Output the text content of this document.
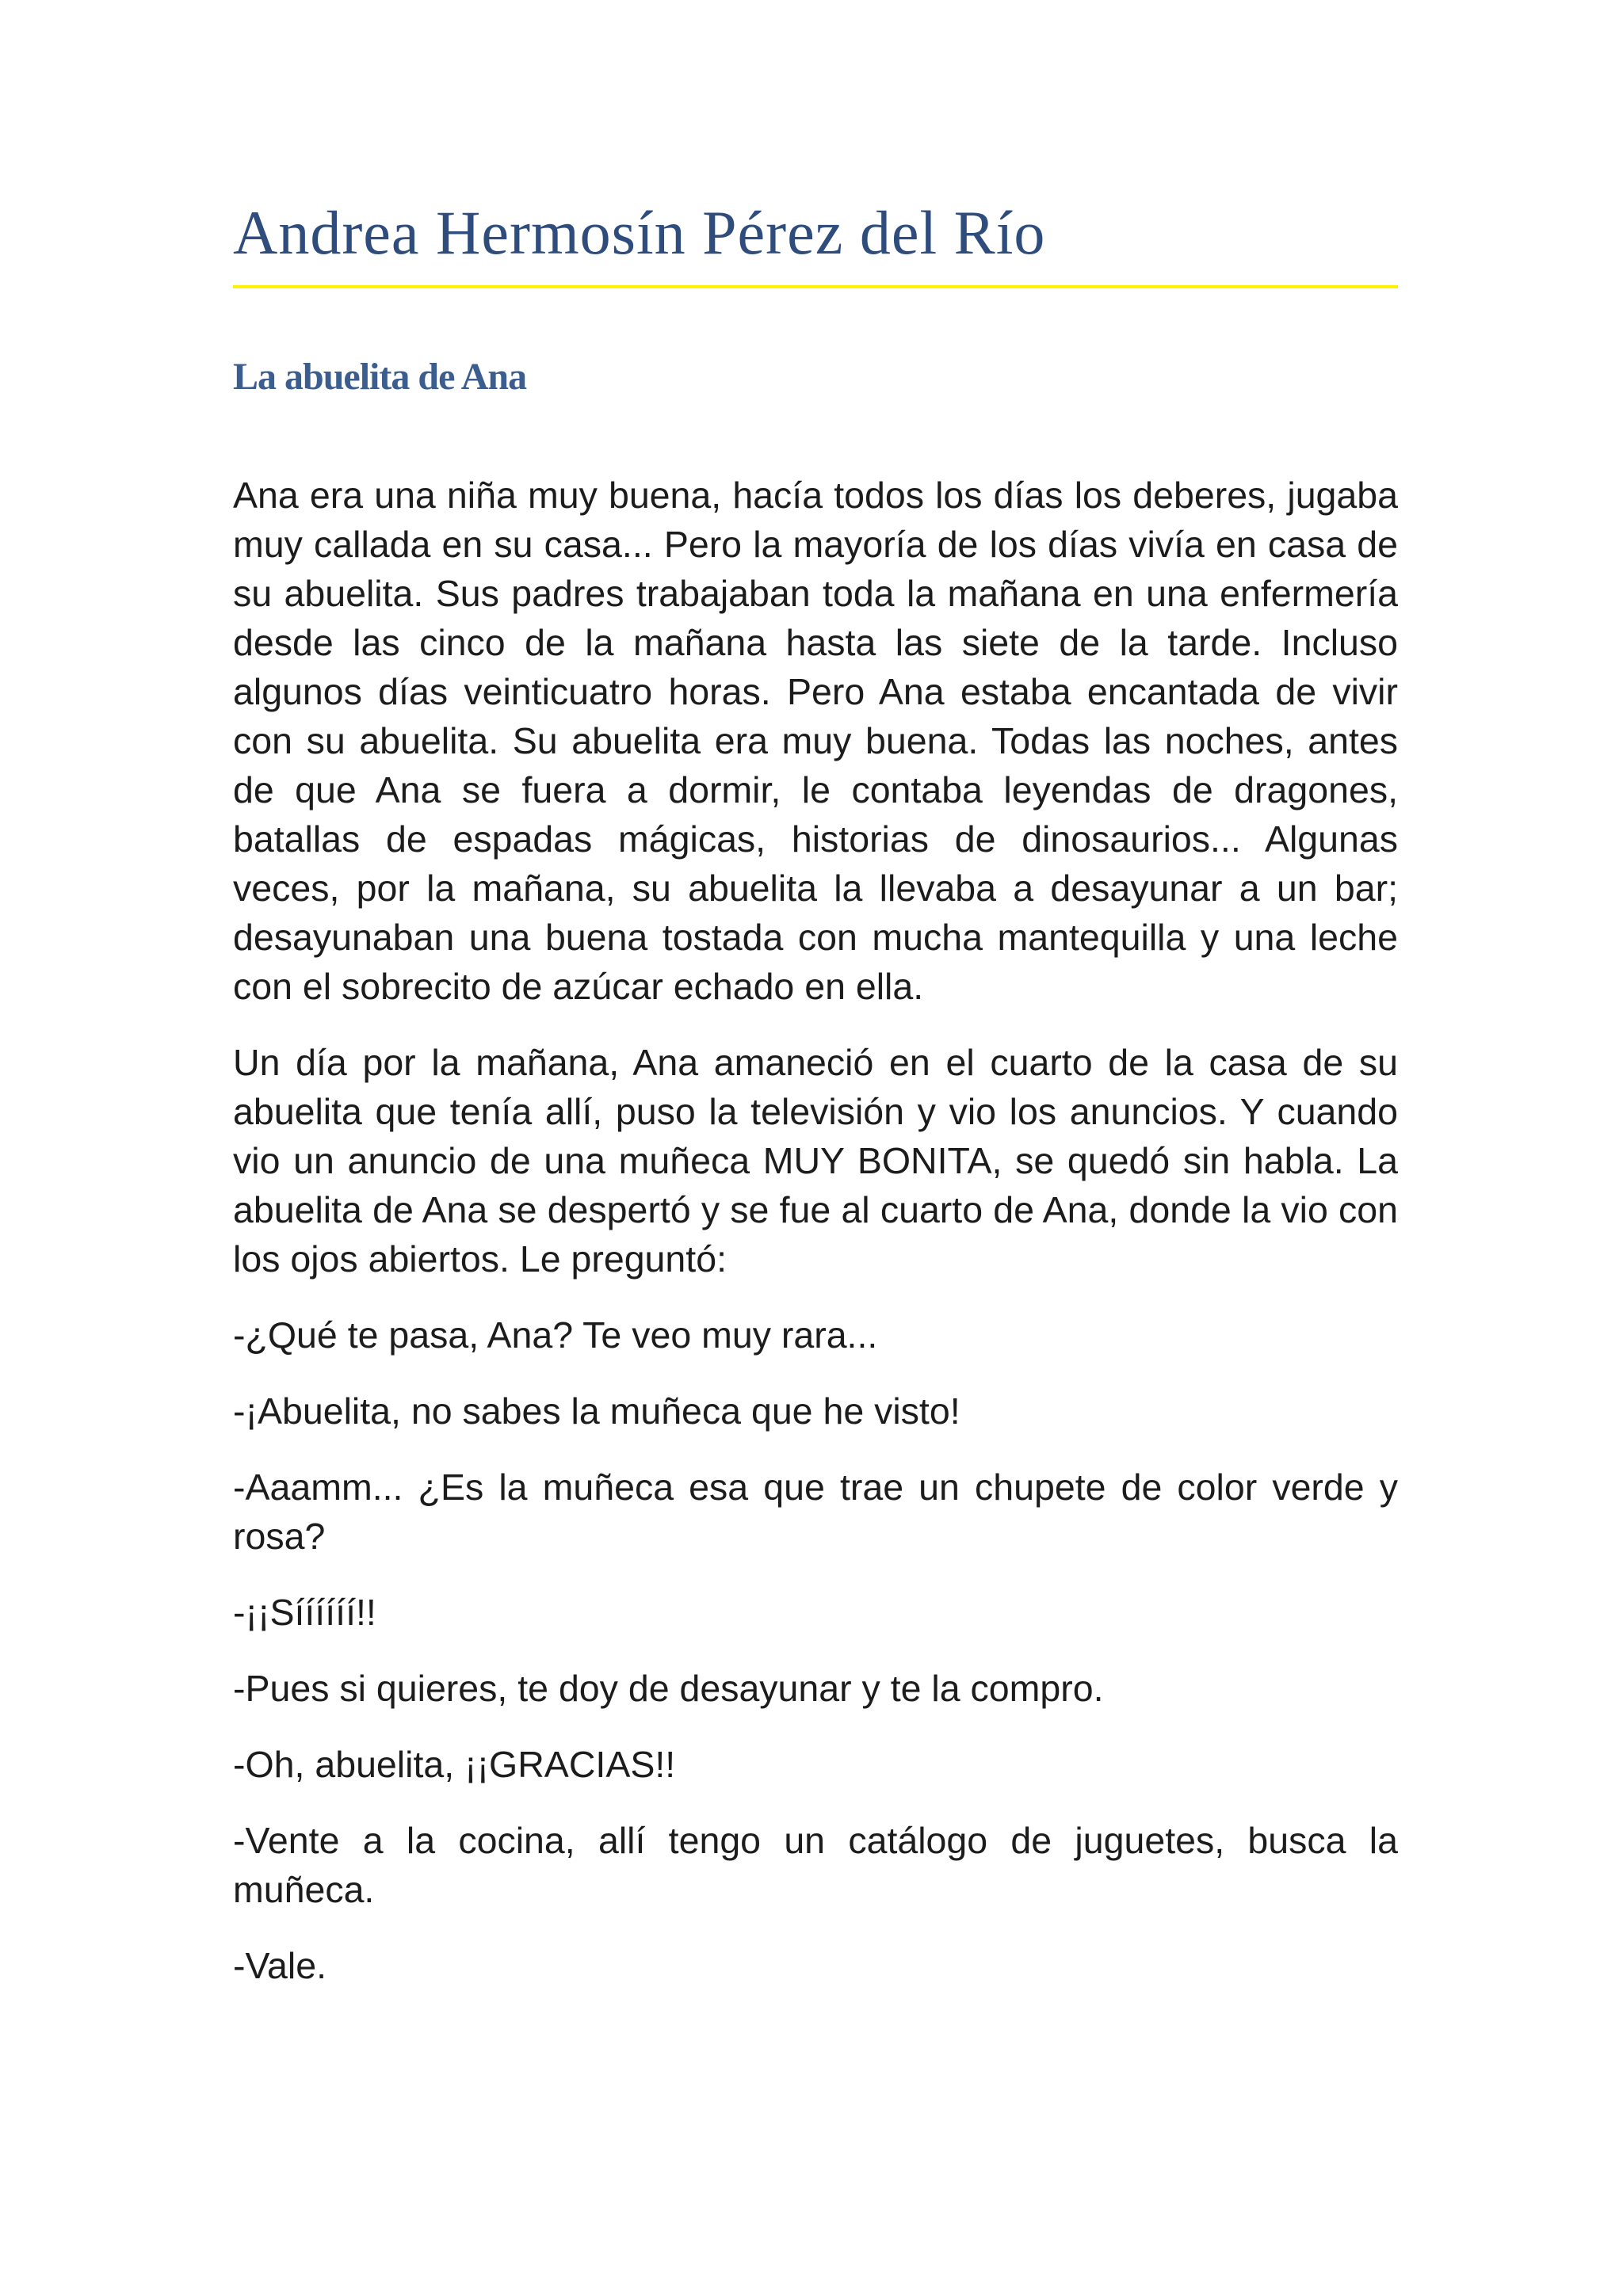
Andrea Hermosín Pérez del Río
La abuelita de Ana

Ana era una niña muy buena, hacía todos los días los deberes, jugaba muy callada en su casa... Pero la mayoría de los días vivía en casa de su abuelita. Sus padres trabajaban toda la mañana en una enfermería desde las cinco de la mañana hasta las siete de la tarde. Incluso algunos días veinticuatro horas. Pero Ana estaba encantada de vivir con su abuelita. Su abuelita era muy buena. Todas las noches, antes de que Ana se fuera a dormir, le contaba leyendas de dragones, batallas de espadas mágicas, historias de dinosaurios... Algunas veces, por la mañana, su abuelita la llevaba a desayunar a un bar; desayunaban una buena tostada con mucha mantequilla y una leche con el sobrecito de azúcar echado en ella.

Un día por la mañana, Ana amaneció en el cuarto de la casa de su abuelita que tenía allí, puso la televisión y vio los anuncios. Y cuando vio un anuncio de una muñeca MUY BONITA, se quedó sin habla. La abuelita de Ana se despertó y se fue al cuarto de Ana, donde la vio con los ojos abiertos. Le preguntó:

-¿Qué te pasa, Ana? Te veo muy rara...

-¡Abuelita, no sabes la muñeca que he visto!

-Aaamm... ¿Es la muñeca esa que trae un chupete de color verde y rosa?

-¡¡Síííííí!!

-Pues si quieres, te doy de desayunar y te la compro.

-Oh, abuelita, ¡¡GRACIAS!!

-Vente a la cocina, allí tengo un catálogo de juguetes, busca la muñeca.

-Vale.
